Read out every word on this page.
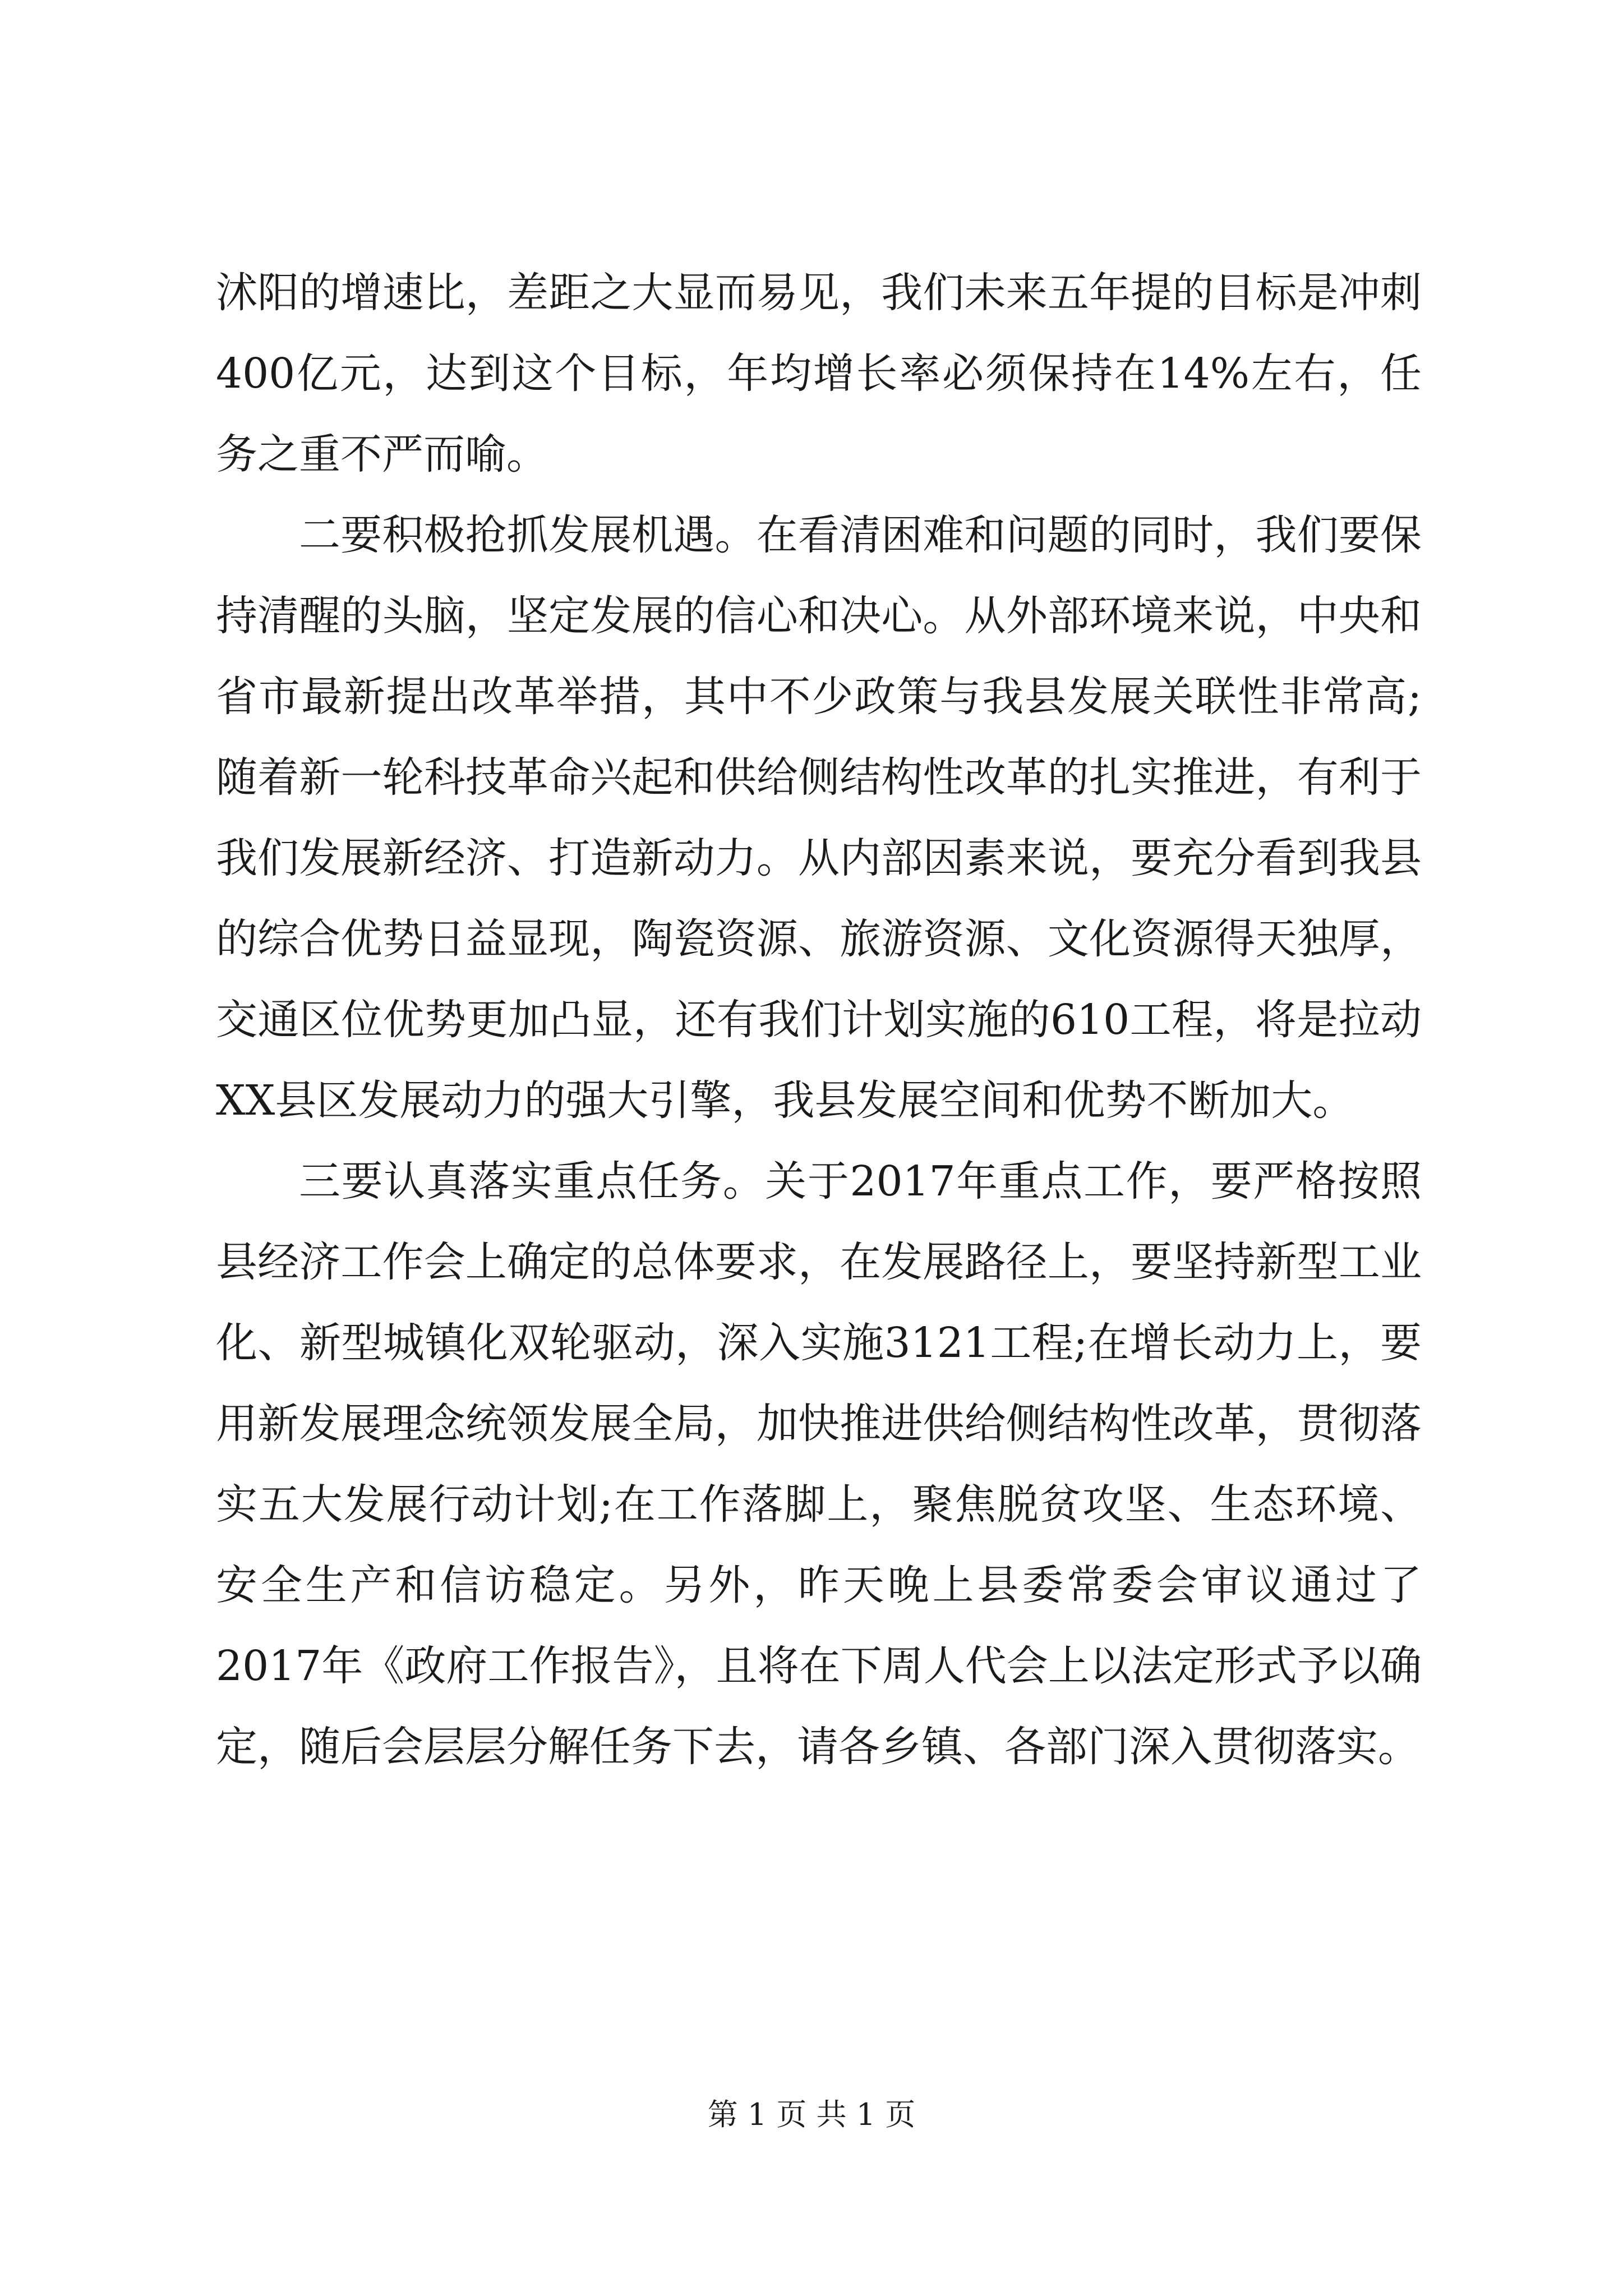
沭阳的增速比，差距之大显而易见，我们未来五年提的目标是冲刺400亿元，达到这个目标，年均增长率必须保持在14%左右，任务之重不严而喻。

二要积极抢抓发展机遇。在看清困难和问题的同时，我们要保持清醒的头脑，坚定发展的信心和决心。从外部环境来说，中央和省市最新提出改革举措，其中不少政策与我县发展关联性非常高;随着新一轮科技革命兴起和供给侧结构性改革的扎实推进，有利于我们发展新经济、打造新动力。从内部因素来说，要充分看到我县的综合优势日益显现，陶瓷资源、旅游资源、文化资源得天独厚，交通区位优势更加凸显，还有我们计划实施的610工程，将是拉动XX县区发展动力的强大引擎，我县发展空间和优势不断加大。

三要认真落实重点任务。关于2017年重点工作，要严格按照县经济工作会上确定的总体要求，在发展路径上，要坚持新型工业化、新型城镇化双轮驱动，深入实施3121工程;在增长动力上，要用新发展理念统领发展全局，加快推进供给侧结构性改革，贯彻落实五大发展行动计划;在工作落脚上，聚焦脱贫攻坚、生态环境、安全生产和信访稳定。另外，昨天晚上县委常委会审议通过了2017年《政府工作报告》，且将在下周人代会上以法定形式予以确定，随后会层层分解任务下去，请各乡镇、各部门深入贯彻落实。

第 1 页 共 1 页
